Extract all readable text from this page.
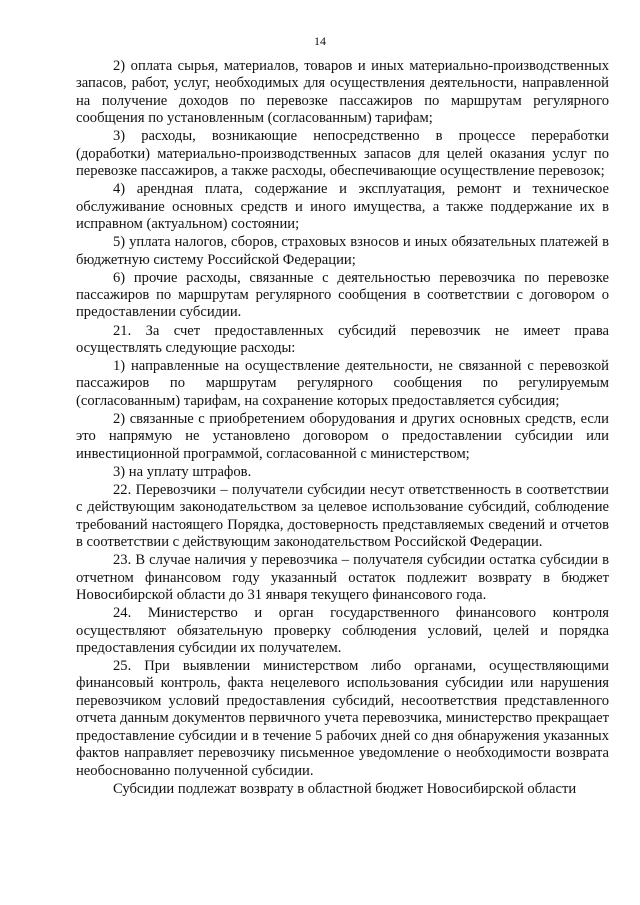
14

2) оплата сырья, материалов, товаров и иных материально-производственных запасов, работ, услуг, необходимых для осуществления деятельности, направленной на получение доходов по перевозке пассажиров по маршрутам регулярного сообщения по установленным (согласованным) тарифам;

3) расходы, возникающие непосредственно в процессе переработки (доработки) материально-производственных запасов для целей оказания услуг по перевозке пассажиров, а также расходы, обеспечивающие осуществление перевозок;

4) арендная плата, содержание и эксплуатация, ремонт и техническое обслуживание основных средств и иного имущества, а также поддержание их в исправном (актуальном) состоянии;

5) уплата налогов, сборов, страховых взносов и иных обязательных платежей в бюджетную систему Российской Федерации;

6) прочие расходы, связанные с деятельностью перевозчика по перевозке пассажиров по маршрутам регулярного сообщения в соответствии с договором о предоставлении субсидии.

21. За счет предоставленных субсидий перевозчик не имеет права осуществлять следующие расходы:

1) направленные на осуществление деятельности, не связанной с перевозкой пассажиров по маршрутам регулярного сообщения по регулируемым (согласованным) тарифам, на сохранение которых предоставляется субсидия;

2) связанные с приобретением оборудования и других основных средств, если это напрямую не установлено договором о предоставлении субсидии или инвестиционной программой, согласованной с министерством;

3) на уплату штрафов.

22. Перевозчики – получатели субсидии несут ответственность в соответствии с действующим законодательством за целевое использование субсидий, соблюдение требований настоящего Порядка, достоверность представляемых сведений и отчетов в соответствии с действующим законодательством Российской Федерации.

23. В случае наличия у перевозчика – получателя субсидии остатка субсидии в отчетном финансовом году указанный остаток подлежит возврату в бюджет Новосибирской области до 31 января текущего финансового года.

24. Министерство и орган государственного финансового контроля осуществляют обязательную проверку соблюдения условий, целей и порядка предоставления субсидии их получателем.

25. При выявлении министерством либо органами, осуществляющими финансовый контроль, факта нецелевого использования субсидии или нарушения перевозчиком условий предоставления субсидий, несоответствия представленного отчета данным документов первичного учета перевозчика, министерство прекращает предоставление субсидии и в течение 5 рабочих дней со дня обнаружения указанных фактов направляет перевозчику письменное уведомление о необходимости возврата необоснованно полученной субсидии.

Субсидии подлежат возврату в областной бюджет Новосибирской области
